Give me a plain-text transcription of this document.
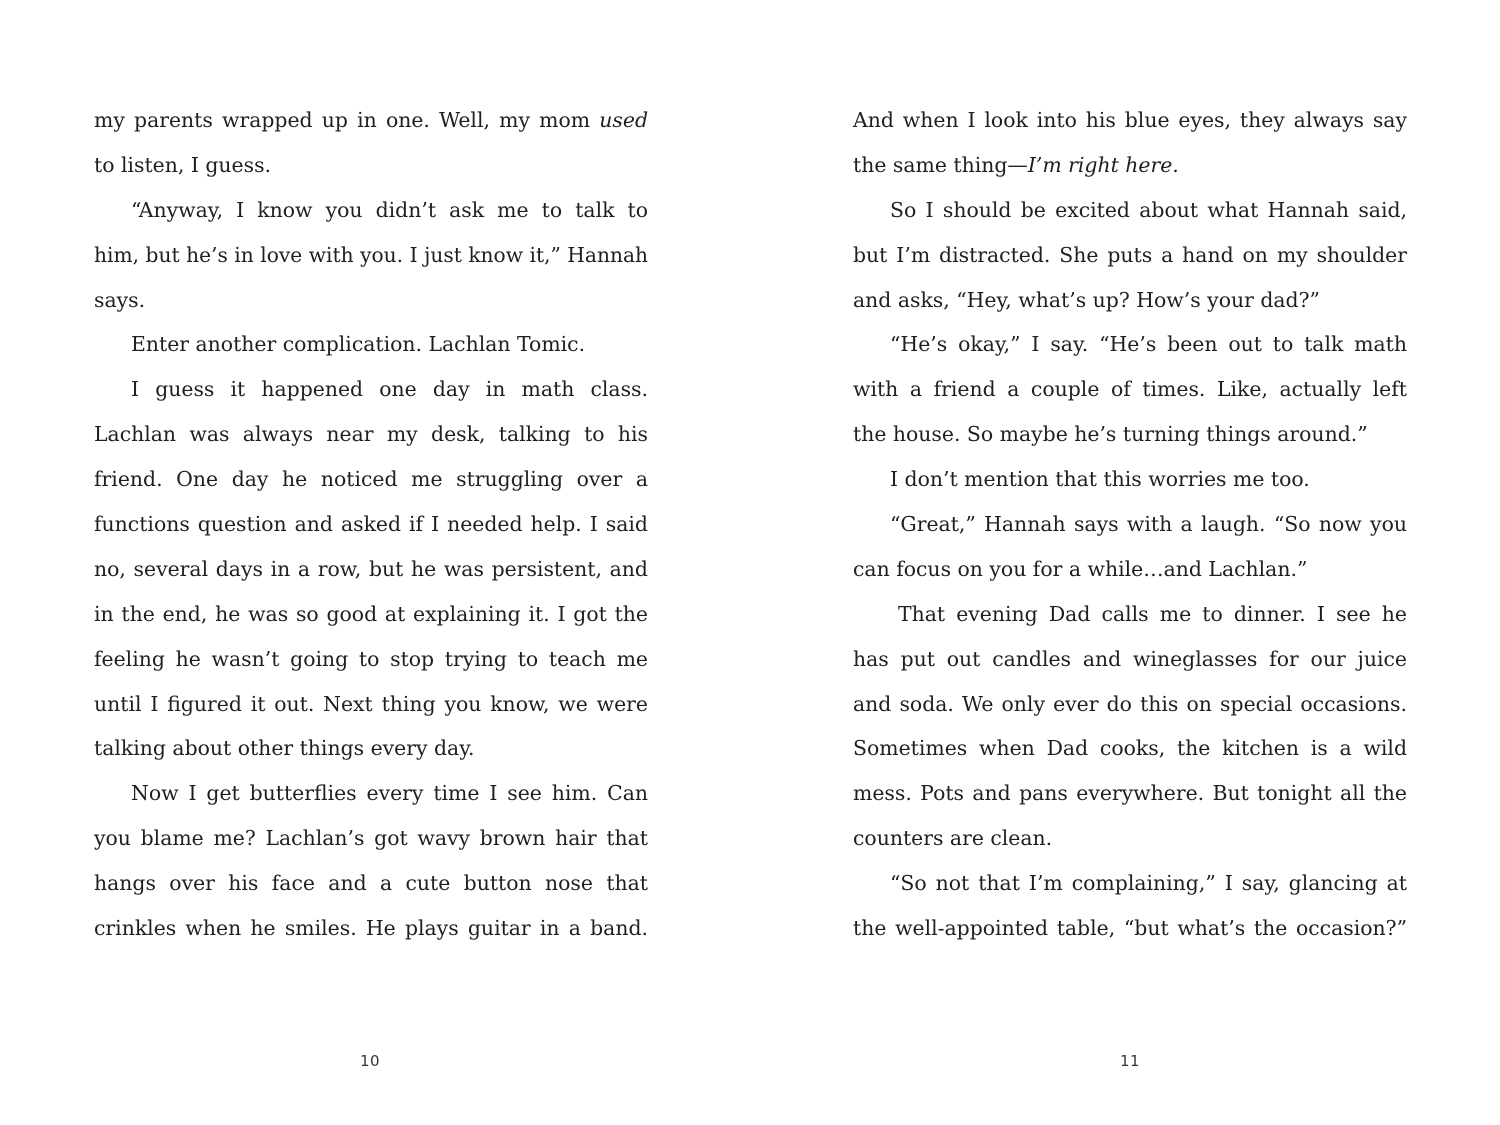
my parents wrapped up in one. Well, my mom used
to listen, I guess.
“Anyway, I know you didn’t ask me to talk to
him, but he’s in love with you. I just know it,” Hannah
says.
Enter another complication. Lachlan Tomic.
I guess it happened one day in math class.
Lachlan was always near my desk, talking to his
friend. One day he noticed me struggling over a
functions question and asked if I needed help. I said
no, several days in a row, but he was persistent, and
in the end, he was so good at explaining it. I got the
feeling he wasn’t going to stop trying to teach me
until I figured it out. Next thing you know, we were
talking about other things every day.
Now I get butterflies every time I see him. Can
you blame me? Lachlan’s got wavy brown hair that
hangs over his face and a cute button nose that
crinkles when he smiles. He plays guitar in a band.
10
And when I look into his blue eyes, they always say
the same thing—I’m right here.
So I should be excited about what Hannah said,
but I’m distracted. She puts a hand on my shoulder
and asks, “Hey, what’s up? How’s your dad?”
“He’s okay,” I say. “He’s been out to talk math
with a friend a couple of times. Like, actually left
the house. So maybe he’s turning things around.”
I don’t mention that this worries me too.
“Great,” Hannah says with a laugh. “So now you
can focus on you for a while…and Lachlan.”
That evening Dad calls me to dinner. I see he
has put out candles and wineglasses for our juice
and soda. We only ever do this on special occasions.
Sometimes when Dad cooks, the kitchen is a wild
mess. Pots and pans everywhere. But tonight all the
counters are clean.
“So not that I’m complaining,” I say, glancing at
the well-appointed table, “but what’s the occasion?”
11
